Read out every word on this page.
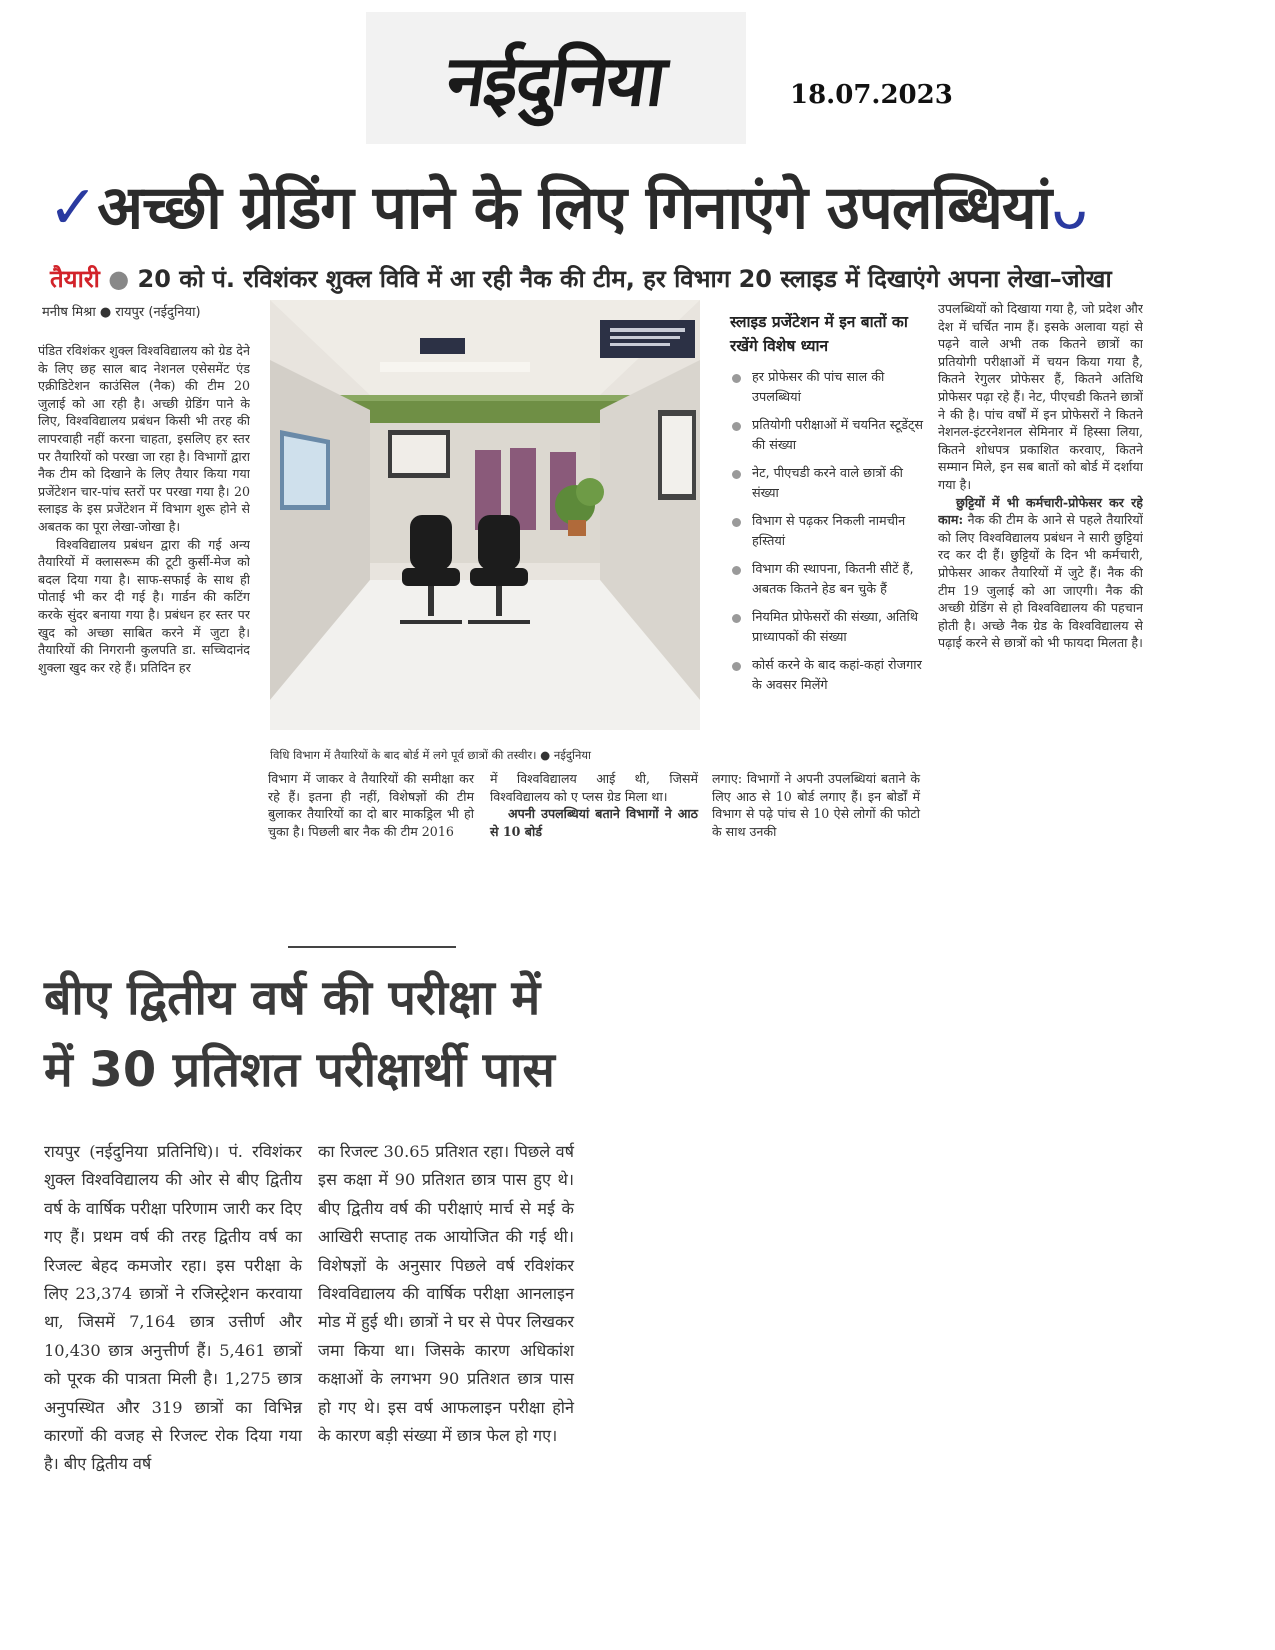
नईदुनिया	18.07.2023
✓अच्छी ग्रेडिंग पाने के लिए गिनाएंगे उपलब्धियांᴗ
तैयारी ● 20 को पं. रविशंकर शुक्ल विवि में आ रही नैक की टीम, हर विभाग 20 स्लाइड में दिखाएंगे अपना लेखा–जोखा
मनीष मिश्रा ● रायपुर (नईदुनिया)

पंडित रविशंकर शुक्ल विश्वविद्यालय को ग्रेड देने के लिए छह साल बाद नेशनल एसेसमेंट एंड एक्रीडिटेशन काउंसिल (नैक) की टीम 20 जुलाई को आ रही है। अच्छी ग्रेडिंग पाने के लिए, विश्वविद्यालय प्रबंधन किसी भी तरह की लापरवाही नहीं करना चाहता, इसलिए हर स्तर पर तैयारियों को परखा जा रहा है। विभागों द्वारा नैक टीम को दिखाने के लिए तैयार किया गया प्रजेंटेशन चार-पांच स्तरों पर परखा गया है। 20 स्लाइड के इस प्रजेंटेशन में विभाग शुरू होने से अबतक का पूरा लेखा-जोखा है।

विश्वविद्यालय प्रबंधन द्वारा की गई अन्य तैयारियों में क्लासरूम की टूटी कुर्सी-मेज को बदल दिया गया है। साफ-सफाई के साथ ही पोताई भी कर दी गई है। गार्डन की कटिंग करके सुंदर बनाया गया है। प्रबंधन हर स्तर पर खुद को अच्छा साबित करने में जुटा है। तैयारियों की निगरानी कुलपति डा. सच्चिदानंद शुक्ला खुद कर रहे हैं। प्रतिदिन हर

विधि विभाग में तैयारियों के बाद बोर्ड में लगे पूर्व छात्रों की तस्वीर। ● नईदुनिया

विभाग में जाकर वे तैयारियों की समीक्षा कर रहे हैं। इतना ही नहीं, विशेषज्ञों की टीम बुलाकर तैयारियों का दो बार माकड्रिल भी हो चुका है। पिछली बार नैक की टीम 2016

में विश्वविद्यालय आई थी, जिसमें विश्वविद्यालय को ए प्लस ग्रेड मिला था।

अपनी उपलब्धियां बताने विभागों ने आठ से 10 बोर्ड

लगाए: विभागों ने अपनी उपलब्धियां बताने के लिए आठ से 10 बोर्ड लगाए हैं। इन बोर्डों में विभाग से पढ़े पांच से 10 ऐसे लोगों की फोटो के साथ उनकी

स्लाइड प्रजेंटेशन में इन बातों का रखेंगे विशेष ध्यान
हर प्रोफेसर की पांच साल की उपलब्धियां
प्रतियोगी परीक्षाओं में चयनित स्टूडेंट्स की संख्या
नेट, पीएचडी करने वाले छात्रों की संख्या
विभाग से पढ़कर निकली नामचीन हस्तियां
विभाग की स्थापना, कितनी सीटें हैं, अबतक कितने हेड बन चुके हैं
नियमित प्रोफेसरों की संख्या, अतिथि प्राध्यापकों की संख्या
कोर्स करने के बाद कहां-कहां रोजगार के अवसर मिलेंगे

उपलब्धियों को दिखाया गया है, जो प्रदेश और देश में चर्चित नाम हैं। इसके अलावा यहां से पढ़ने वाले अभी तक कितने छात्रों का प्रतियोगी परीक्षाओं में चयन किया गया है, कितने रेगुलर प्रोफेसर हैं, कितने अतिथि प्रोफेसर पढ़ा रहे हैं। नेट, पीएचडी कितने छात्रों ने की है। पांच वर्षों में इन प्रोफेसरों ने कितने नेशनल-इंटरनेशनल सेमिनार में हिस्सा लिया, कितने शोधपत्र प्रकाशित करवाए, कितने सम्मान मिले, इन सब बातों को बोर्ड में दर्शाया गया है।

छुट्टियों में भी कर्मचारी-प्रोफेसर कर रहे काम: नैक की टीम के आने से पहले तैयारियों को लिए विश्वविद्यालय प्रबंधन ने सारी छुट्टियां रद कर दी हैं। छुट्टियों के दिन भी कर्मचारी, प्रोफेसर आकर तैयारियों में जुटे हैं। नैक की टीम 19 जुलाई को आ जाएगी। नैक की अच्छी ग्रेडिंग से हो विश्वविद्यालय की पहचान होती है। अच्छे नैक ग्रेड के विश्वविद्यालय से पढ़ाई करने से छात्रों को भी फायदा मिलता है।

बीए द्वितीय वर्ष की परीक्षा में
में 30 प्रतिशत परीक्षार्थी पास

रायपुर (नईदुनिया प्रतिनिधि)। पं. रविशंकर शुक्ल विश्वविद्यालय की ओर से बीए द्वितीय वर्ष के वार्षिक परीक्षा परिणाम जारी कर दिए गए हैं। प्रथम वर्ष की तरह द्वितीय वर्ष का रिजल्ट बेहद कमजोर रहा। इस परीक्षा के लिए 23,374 छात्रों ने रजिस्ट्रेशन करवाया था, जिसमें 7,164 छात्र उत्तीर्ण और 10,430 छात्र अनुत्तीर्ण हैं। 5,461 छात्रों को पूरक की पात्रता मिली है। 1,275 छात्र अनुपस्थित और 319 छात्रों का विभिन्न कारणों की वजह से रिजल्ट रोक दिया गया है। बीए द्वितीय वर्ष

का रिजल्ट 30.65 प्रतिशत रहा। पिछले वर्ष इस कक्षा में 90 प्रतिशत छात्र पास हुए थे। बीए द्वितीय वर्ष की परीक्षाएं मार्च से मई के आखिरी सप्ताह तक आयोजित की गई थी। विशेषज्ञों के अनुसार पिछले वर्ष रविशंकर विश्वविद्यालय की वार्षिक परीक्षा आनलाइन मोड में हुई थी। छात्रों ने घर से पेपर लिखकर जमा किया था। जिसके कारण अधिकांश कक्षाओं के लगभग 90 प्रतिशत छात्र पास हो गए थे। इस वर्ष आफलाइन परीक्षा होने के कारण बड़ी संख्या में छात्र फेल हो गए।
